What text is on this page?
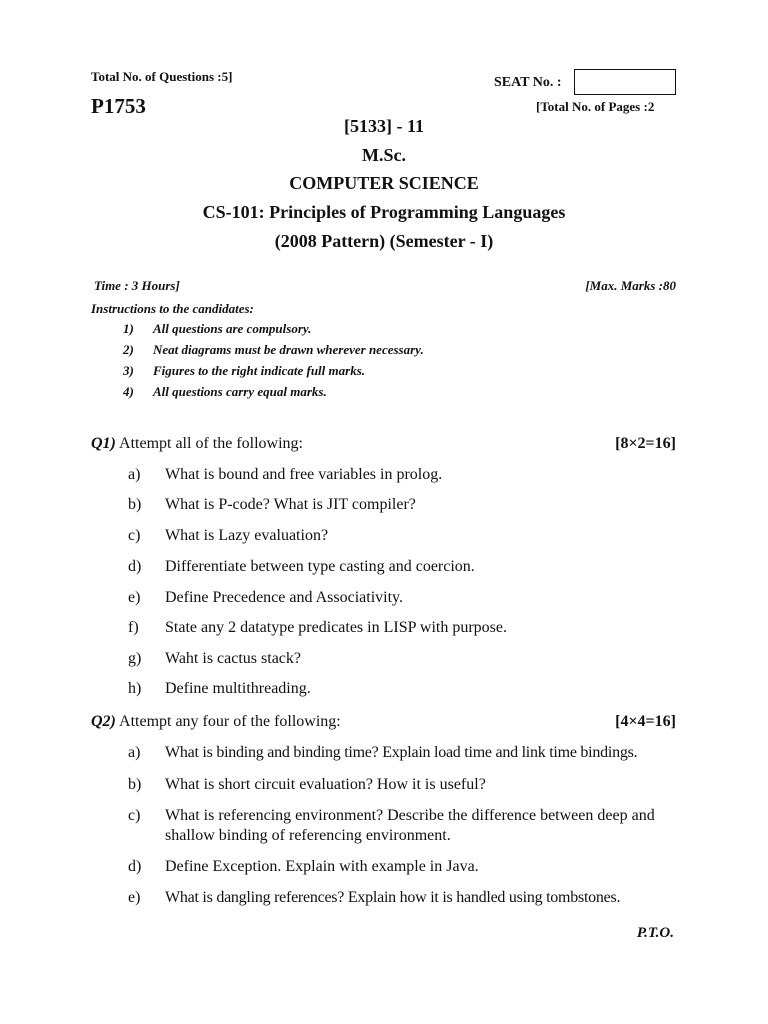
Total No. of Questions :5]	SEAT No. :
P1753	[Total No. of Pages :2
[5133] - 11
M.Sc.
COMPUTER SCIENCE
CS-101: Principles of Programming Languages
(2008 Pattern) (Semester - I)
Time : 3 Hours]	[Max. Marks :80
Instructions to the candidates:
1) All questions are compulsory.
2) Neat diagrams must be drawn wherever necessary.
3) Figures to the right indicate full marks.
4) All questions carry equal marks.
Q1) Attempt all of the following:	[8×2=16]
a)	What is bound and free variables in prolog.
b)	What is P-code? What is JIT compiler?
c)	What is Lazy evaluation?
d)	Differentiate between type casting and coercion.
e)	Define Precedence and Associativity.
f)	State any 2 datatype predicates in LISP with purpose.
g)	Waht is cactus stack?
h)	Define multithreading.
Q2) Attempt any four of the following:	[4×4=16]
a)	What is binding and binding time? Explain load time and link time bindings.
b)	What is short circuit evaluation? How it is useful?
c)	What is referencing environment? Describe the difference between deep and shallow binding of referencing environment.
d)	Define Exception. Explain with example in Java.
e)	What is dangling references? Explain how it is handled using tombstones.
P.T.O.
